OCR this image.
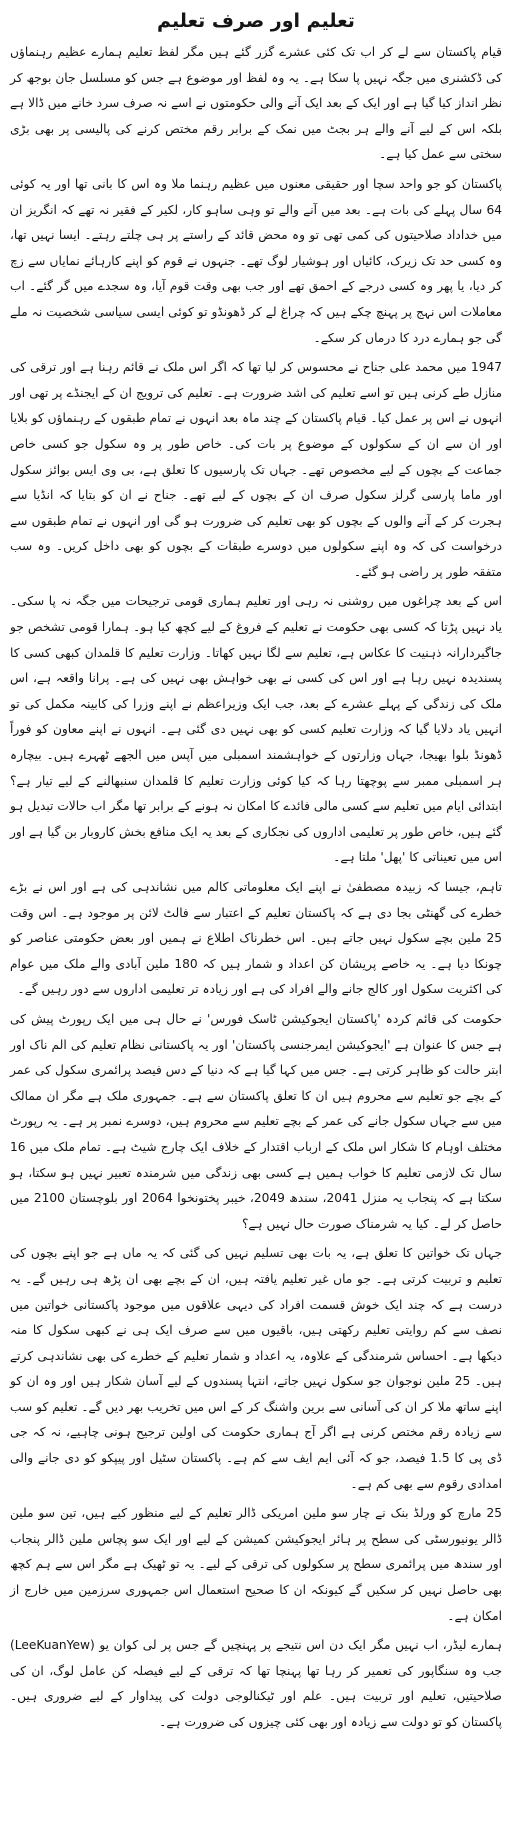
تعلیم اور صرف تعلیم

قیام پاکستان سے لے کر اب تک کئی عشرے گزر گئے ہیں مگر لفظ تعلیم ہمارے عظیم رہنماؤں کی ڈکشنری میں جگہ نہیں پا سکا ہے۔ یہ وہ لفظ اور موضوع ہے جس کو مسلسل جان بوجھ کر نظر انداز کیا گیا ہے اور ایک کے بعد ایک آنے والی حکومتوں نے اسے نہ صرف سرد خانے میں ڈالا ہے بلکہ اس کے لیے آنے والے ہر بجٹ میں نمک کے برابر رقم مختص کرنے کی پالیسی پر بھی بڑی سختی سے عمل کیا ہے۔

پاکستان کو جو واحد سچا اور حقیقی معنوں میں عظیم رہنما ملا وہ اس کا بانی تھا اور یہ کوئی 64 سال پہلے کی بات ہے۔ بعد میں آنے والے تو وہی ساہو کار، لکیر کے فقیر نہ تھے کہ انگریز ان میں خداداد صلاحیتوں کی کمی تھی تو وہ محض قائد کے راستے پر ہی چلتے رہتے۔ ایسا نہیں تھا، وہ کسی حد تک زیرک، کائیاں اور ہوشیار لوگ تھے۔ جنہوں نے قوم کو اپنے کارہائے نمایاں سے زچ کر دیا، یا پھر وہ کسی درجے کے احمق تھے اور جب بھی وقت قوم آیا، وہ سجدے میں گر گئے۔ اب معاملات اس نہج پر پہنچ چکے ہیں کہ چراغ لے کر ڈھونڈو تو کوئی ایسی سیاسی شخصیت نہ ملے گی جو ہمارے درد کا درماں کر سکے۔

1947 میں محمد علی جناح نے محسوس کر لیا تھا کہ اگر اس ملک نے قائم رہنا ہے اور ترقی کی منازل طے کرنی ہیں تو اسے تعلیم کی اشد ضرورت ہے۔ تعلیم کی ترویج ان کے ایجنڈے پر تھی اور انہوں نے اس پر عمل کیا۔ قیام پاکستان کے چند ماہ بعد انہوں نے تمام طبقوں کے رہنماؤں کو بلایا اور ان سے ان کے سکولوں کے موضوع پر بات کی۔ خاص طور پر وہ سکول جو کسی خاص جماعت کے بچوں کے لیے مخصوص تھے۔ جہاں تک پارسیوں کا تعلق ہے، بی وی ایس بوائز سکول اور ماما پارسی گرلز سکول صرف ان کے بچوں کے لیے تھے۔ جناح نے ان کو بتایا کہ انڈیا سے ہجرت کر کے آنے والوں کے بچوں کو بھی تعلیم کی ضرورت ہو گی اور انہوں نے تمام طبقوں سے درخواست کی کہ وہ اپنے سکولوں میں دوسرے طبقات کے بچوں کو بھی داخل کریں۔ وہ سب متفقہ طور پر راضی ہو گئے۔

اس کے بعد چراغوں میں روشنی نہ رہی اور تعلیم ہماری قومی ترجیحات میں جگہ نہ پا سکی۔ یاد نہیں پڑتا کہ کسی بھی حکومت نے تعلیم کے فروغ کے لیے کچھ کیا ہو۔ ہمارا قومی تشخص جو جاگیردارانہ ذہنیت کا عکاس ہے، تعلیم سے لگا نہیں کھاتا۔ وزارت تعلیم کا قلمدان کبھی کسی کا پسندیدہ نہیں رہا ہے اور اس کی کسی نے بھی خواہش بھی نہیں کی ہے۔ پرانا واقعہ ہے، اس ملک کی زندگی کے پہلے عشرے کے بعد، جب ایک وزیراعظم نے اپنے وزرا کی کابینہ مکمل کی تو انہیں یاد دلایا گیا کہ وزارت تعلیم کسی کو بھی نہیں دی گئی ہے۔ انہوں نے اپنے معاون کو فوراً ڈھونڈ بلوا بھیجا، جہاں وزارتوں کے خواہشمند اسمبلی میں آپس میں الجھے ٹھہرے ہیں۔ بیچارہ ہر اسمبلی ممبر سے پوچھتا رہا کہ کیا کوئی وزارت تعلیم کا قلمدان سنبھالنے کے لیے تیار ہے؟ ابتدائی ایام میں تعلیم سے کسی مالی فائدے کا امکان نہ ہونے کے برابر تھا مگر اب حالات تبدیل ہو گئے ہیں، خاص طور پر تعلیمی اداروں کی نجکاری کے بعد یہ ایک منافع بخش کاروبار بن گیا ہے اور اس میں تعیناتی کا 'پھل' ملتا ہے۔

تاہم، جیسا کہ زبیدہ مصطفیٰ نے اپنے ایک معلوماتی کالم میں نشاندہی کی ہے اور اس نے بڑے خطرے کی گھنٹی بجا دی ہے کہ پاکستان تعلیم کے اعتبار سے فالٹ لائن پر موجود ہے۔ اس وقت 25 ملین بچے سکول نہیں جاتے ہیں۔ اس خطرناک اطلاع نے ہمیں اور بعض حکومتی عناصر کو چونکا دیا ہے۔ یہ خاصے پریشان کن اعداد و شمار ہیں کہ 180 ملین آبادی والے ملک میں عوام کی اکثریت سکول اور کالج جانے والے افراد کی ہے اور زیادہ تر تعلیمی اداروں سے دور رہیں گے۔

حکومت کی قائم کردہ 'پاکستان ایجوکیشن ٹاسک فورس' نے حال ہی میں ایک رپورٹ پیش کی ہے جس کا عنوان ہے 'ایجوکیشن ایمرجنسی پاکستان' اور یہ پاکستانی نظام تعلیم کی الم ناک اور ابتر حالت کو ظاہر کرتی ہے۔ جس میں کہا گیا ہے کہ دنیا کے دس فیصد پرائمری سکول کی عمر کے بچے جو تعلیم سے محروم ہیں ان کا تعلق پاکستان سے ہے۔ جمہوری ملک ہے مگر ان ممالک میں سے جہاں سکول جانے کی عمر کے بچے تعلیم سے محروم ہیں، دوسرے نمبر پر ہے۔ یہ رپورٹ مختلف اوہام کا شکار اس ملک کے ارباب اقتدار کے خلاف ایک چارج شیٹ ہے۔ تمام ملک میں 16 سال تک لازمی تعلیم کا خواب ہمیں ہے کسی بھی زندگی میں شرمندہ تعبیر نہیں ہو سکتا، ہو سکتا ہے کہ پنجاب یہ منزل 2041، سندھ 2049، خیبر پختونخوا 2064 اور بلوچستان 2100 میں حاصل کر لے۔ کیا یہ شرمناک صورت حال نہیں ہے؟

جہاں تک خواتین کا تعلق ہے، یہ بات بھی تسلیم نہیں کی گئی کہ یہ ماں ہے جو اپنے بچوں کی تعلیم و تربیت کرتی ہے۔ جو ماں غیر تعلیم یافتہ ہیں، ان کے بچے بھی ان پڑھ ہی رہیں گے۔ یہ درست ہے کہ چند ایک خوش قسمت افراد کی دیہی علاقوں میں موجود پاکستانی خواتین میں نصف سے کم روایتی تعلیم رکھتی ہیں، باقیوں میں سے صرف ایک ہی نے کبھی سکول کا منہ دیکھا ہے۔ احساس شرمندگی کے علاوہ، یہ اعداد و شمار تعلیم کے خطرے کی بھی نشاندہی کرتے ہیں۔ 25 ملین نوجوان جو سکول نہیں جاتے، انتہا پسندوں کے لیے آسان شکار ہیں اور وہ ان کو اپنے ساتھ ملا کر ان کی آسانی سے برین واشنگ کر کے اس میں تخریب بھر دیں گے۔ تعلیم کو سب سے زیادہ رقم مختص کرنی ہے اگر آج ہماری حکومت کی اولین ترجیح ہونی چاہیے، نہ کہ جی ڈی پی کا 1.5 فیصد، جو کہ آئی ایم ایف سے کم ہے۔ پاکستان سٹیل اور پیپکو کو دی جانے والی امدادی رقوم سے بھی کم ہے۔

25 مارچ کو ورلڈ بنک نے چار سو ملین امریکی ڈالر تعلیم کے لیے منظور کیے ہیں، تین سو ملین ڈالر یونیورسٹی کی سطح پر ہائر ایجوکیشن کمیشن کے لیے اور ایک سو پچاس ملین ڈالر پنجاب اور سندھ میں پرائمری سطح پر سکولوں کی ترقی کے لیے۔ یہ تو ٹھیک ہے مگر اس سے ہم کچھ بھی حاصل نہیں کر سکیں گے کیونکہ ان کا صحیح استعمال اس جمہوری سرزمین میں خارج از امکان ہے۔

ہمارے لیڈر، اب نہیں مگر ایک دن اس نتیجے پر پہنچیں گے جس پر لی کوان یو (LeeKuanYew) جب وہ سنگاپور کی تعمیر کر رہا تھا پہنچا تھا کہ ترقی کے لیے فیصلہ کن عامل لوگ، ان کی صلاحیتیں، تعلیم اور تربیت ہیں۔ علم اور ٹیکنالوجی دولت کی پیداوار کے لیے ضروری ہیں۔ پاکستان کو تو دولت سے زیادہ اور بھی کئی چیزوں کی ضرورت ہے۔
